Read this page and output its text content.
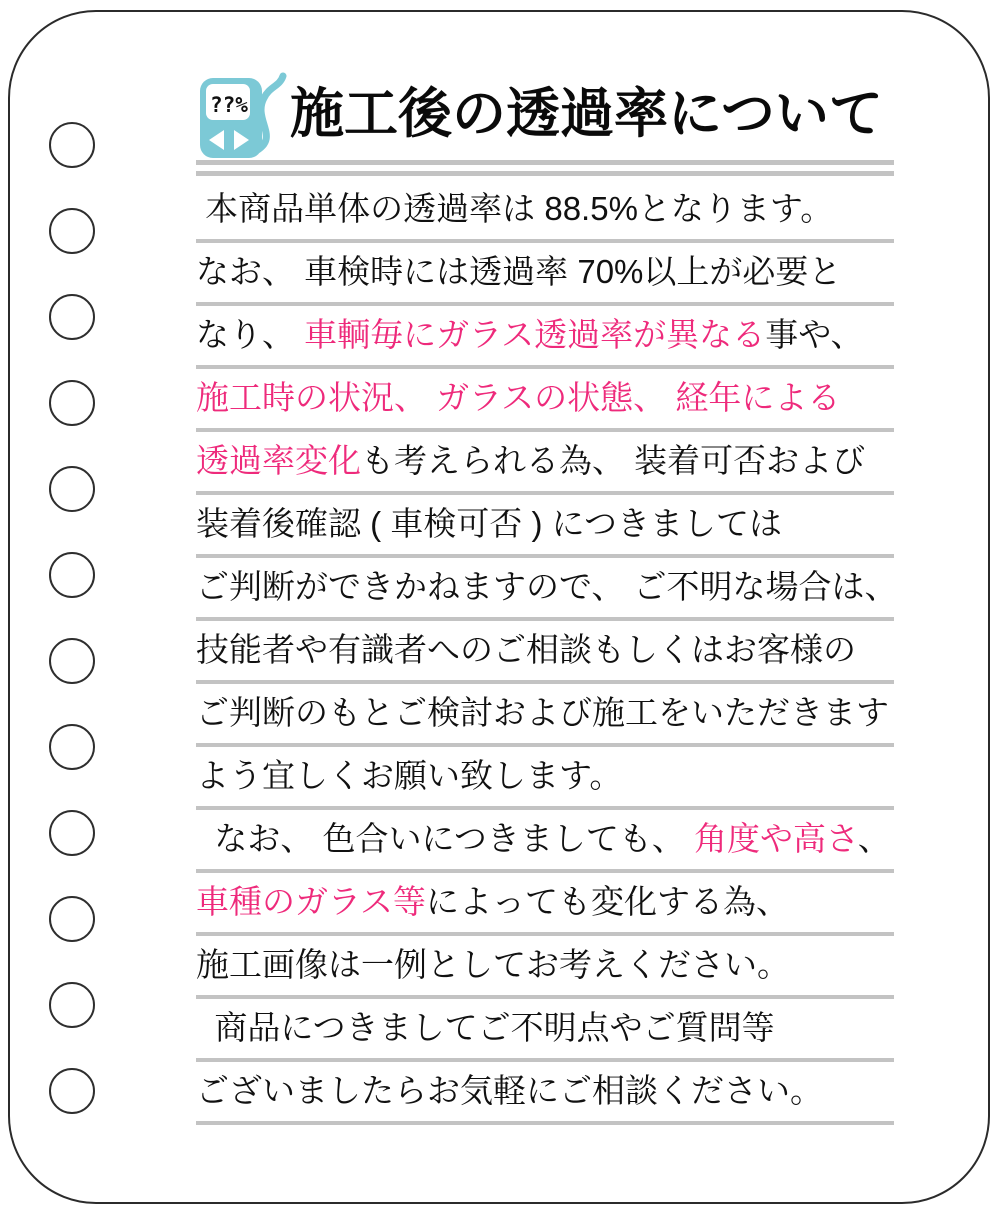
??% 施工後の透過率について
本商品単体の透過率は 88.5%となります。
なお、 車検時には透過率 70%以上が必要と
なり、 車輌毎にガラス透過率が異なる事や、
施工時の状況、 ガラスの状態、 経年による
透過率変化も考えられる為、 装着可否および
装着後確認 ( 車検可否 ) につきましては
ご判断ができかねますので、 ご不明な場合は、
技能者や有識者へのご相談もしくはお客様の
ご判断のもとご検討および施工をいただきます
よう宜しくお願い致します。
なお、 色合いにつきましても、 角度や高さ、
車種のガラス等によっても変化する為、
施工画像は一例としてお考えください。
商品につきましてご不明点やご質問等
ございましたらお気軽にご相談ください。
